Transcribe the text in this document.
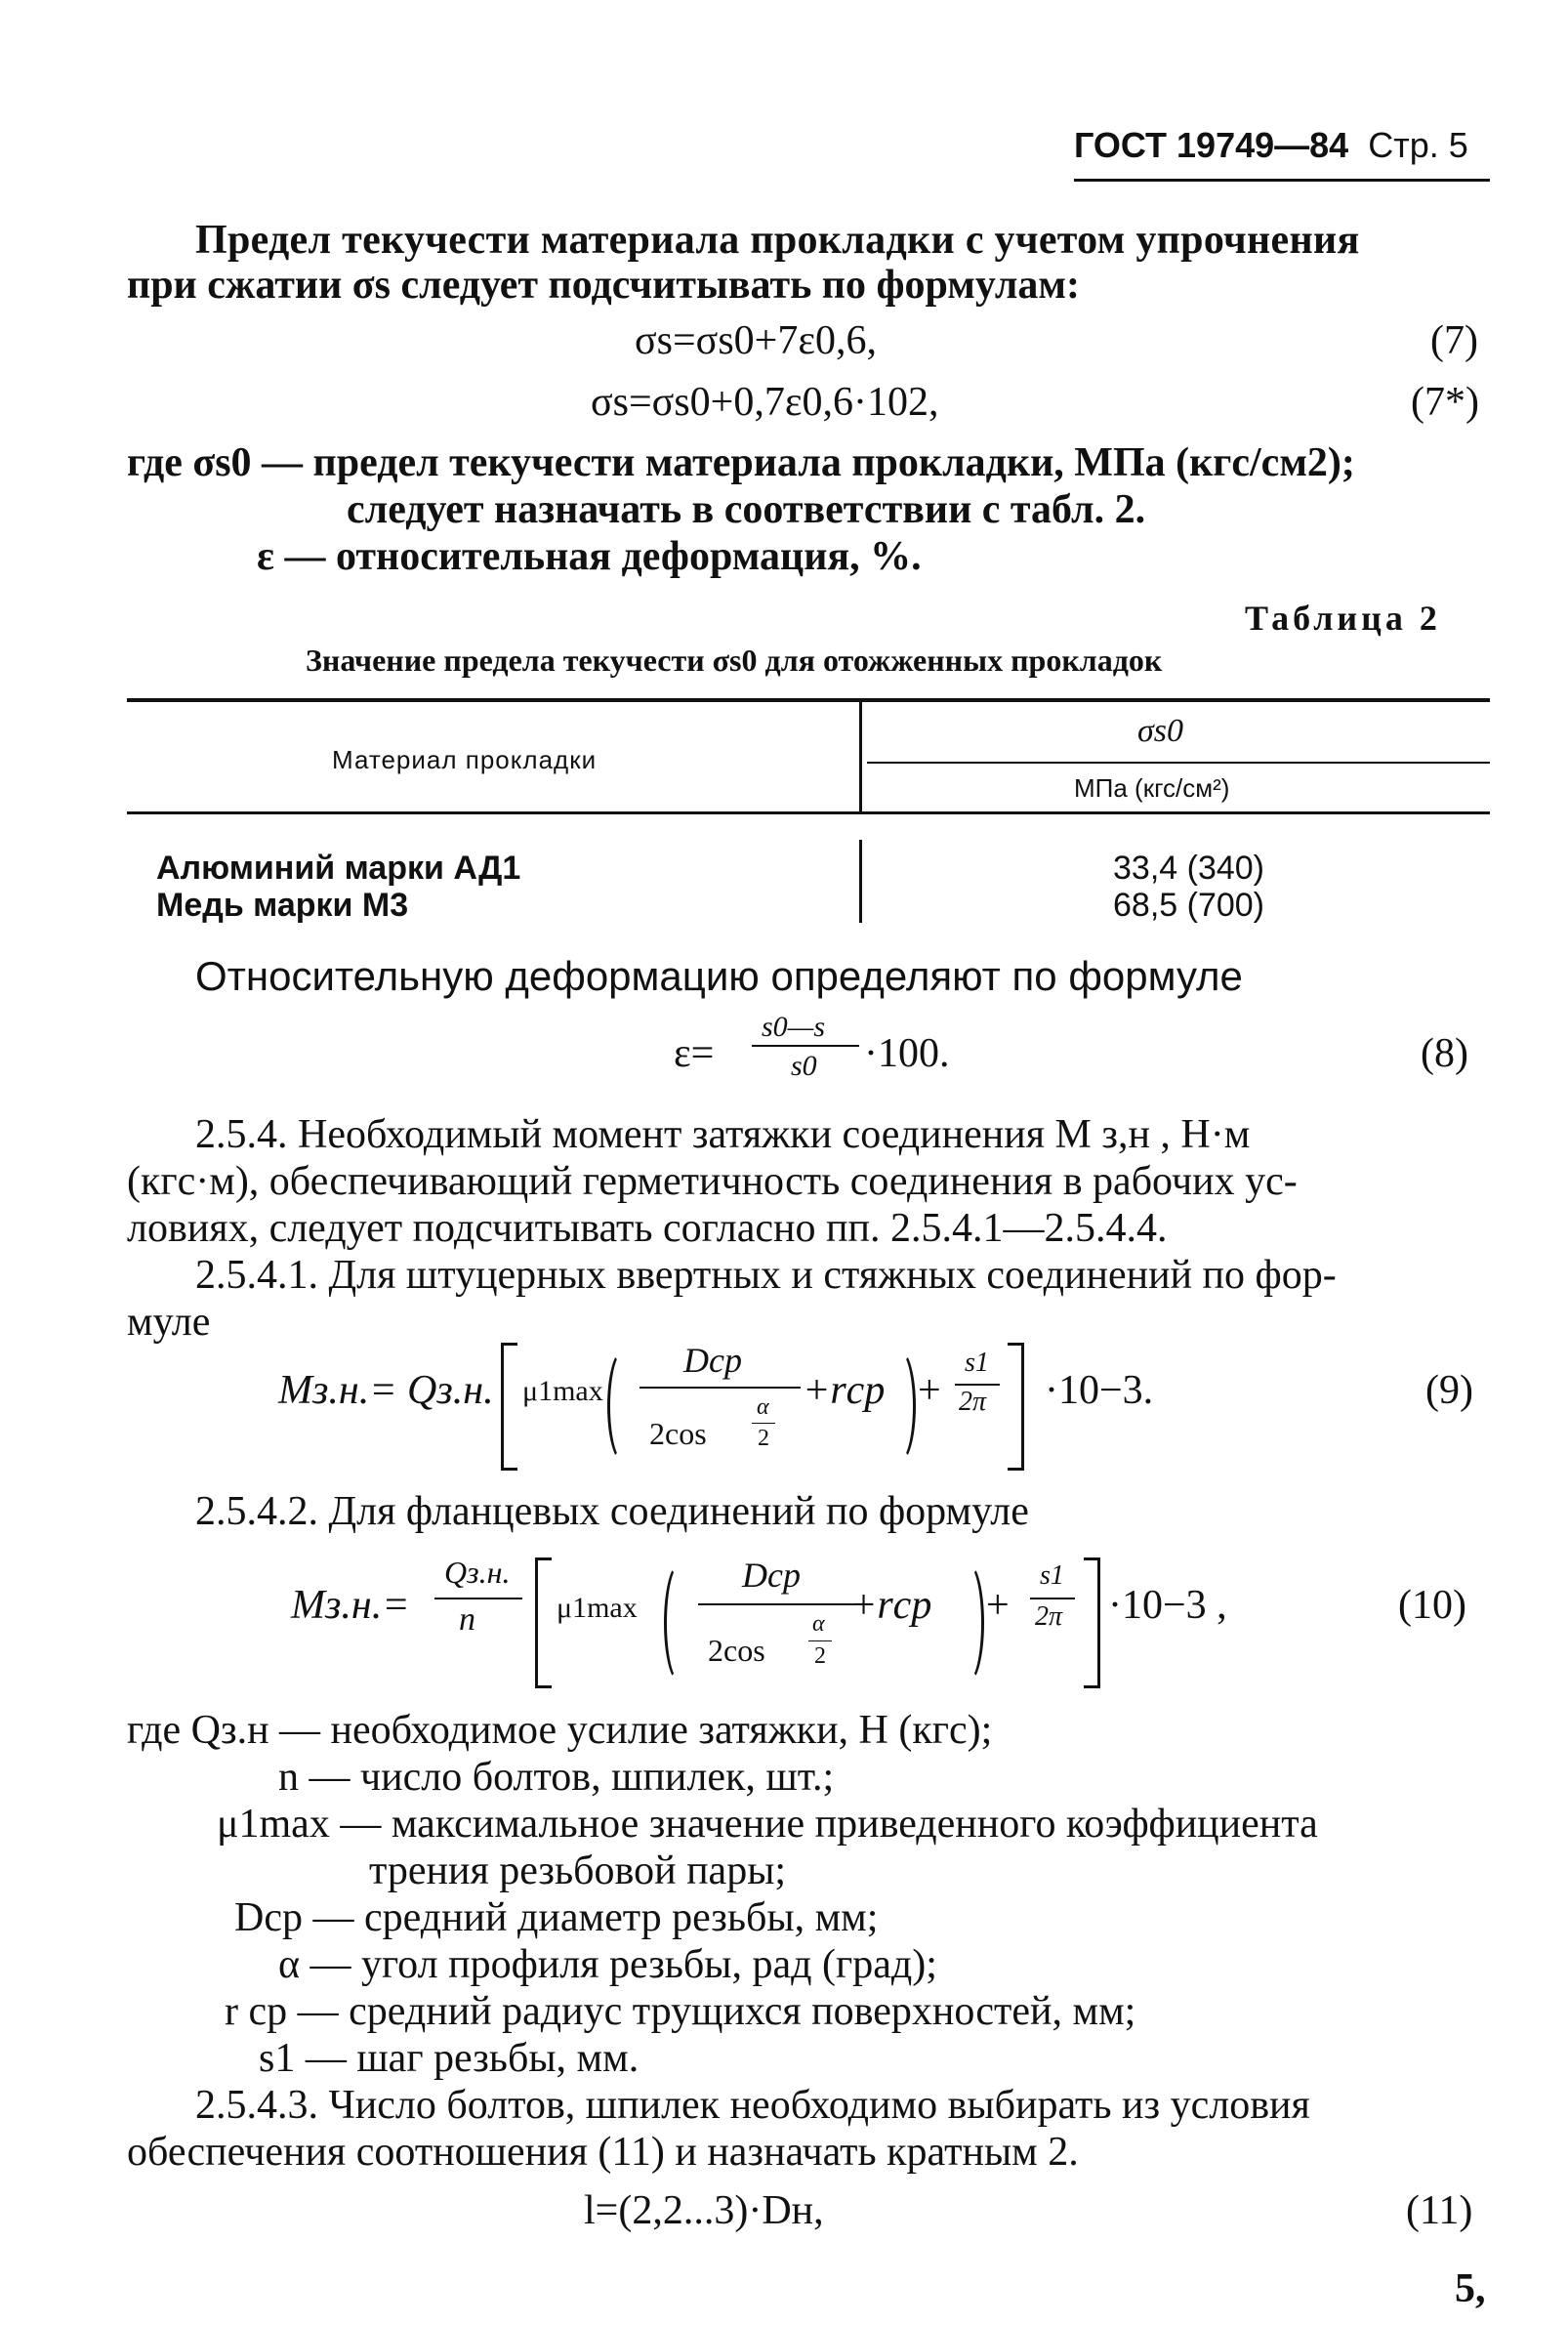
ГОСТ 19749—84 Стр. 5
Предел текучести материала прокладки с учетом упрочнения
при сжатии σs следует подсчитывать по формулам:
σs=σs0+7ε0,6,	(7)
σs=σs0+0,7ε0,6·102,	(7*)
где σs0 — предел текучести материала прокладки, МПа (кгс/см2);
следует назначать в соответствии с табл. 2.
ε — относительная деформация, %.
Таблица 2
Значение предела текучести σs0 для отожженных прокладок
Материал прокладки
σs0
МПа (кгс/см²)
Алюминий марки АД1	33,4 (340)
Медь марки М3	68,5 (700)
Относительную деформацию определяют по формуле
ε=
s0—s
s0 ·100.	(8)
2.5.4. Необходимый момент затяжки соединения M з,н , Н·м
(кгс·м), обеспечивающий герметичность соединения в рабочих ус-
ловиях, следует подсчитывать согласно пп. 2.5.4.1—2.5.4.4.
2.5.4.1. Для штуцерных ввертных и стяжных соединений по фор-
муле
Mз.н.= Qз.н. μ1max
Dср
2cos
α
2
+rср +
s1
2π ·10−3.	(9)
2.5.4.2. Для фланцевых соединений по формуле
Mз.н.=
Qз.н.
n	μ1max
Dср
2cos
α
2
+rср +
s1
2π ·10−3 ,	(10)
где Qз.н — необходимое усилие затяжки, Н (кгс);
n — число болтов, шпилек, шт.;
μ1max — максимальное значение приведенного коэффициента
трения резьбовой пары;
Dср — средний диаметр резьбы, мм;
α — угол профиля резьбы, рад (град);
r ср — средний радиус трущихся поверхностей, мм;
s1 — шаг резьбы, мм.
2.5.4.3. Число болтов, шпилек необходимо выбирать из условия
обеспечения соотношения (11) и назначать кратным 2.
l=(2,2...3)·Dн,	(11)
5,
